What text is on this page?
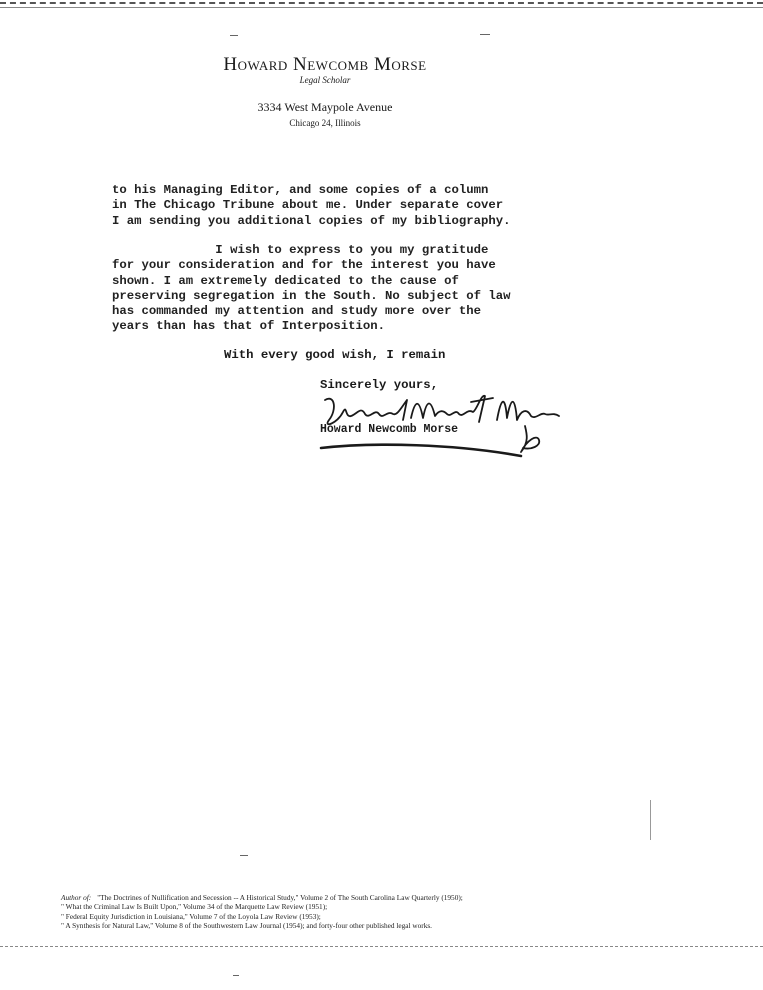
Howard Newcomb Morse
Legal Scholar
3334 West Maypole Avenue
Chicago 24, Illinois
to his Managing Editor, and some copies of a column
in The Chicago Tribune about me. Under separate cover
I am sending you additional copies of my bibliography.
I wish to express to you my gratitude
for your consideration and for the interest you have
shown. I am extremely dedicated to the cause of
preserving segregation in the South. No subject of law
has commanded my attention and study more over the
years than has that of Interposition.
With every good wish, I remain
Sincerely yours,
Howard Newcomb Morse
Author of: "The Doctrines of Nullification and Secession -- A Historical Study," Volume 2 of The South Carolina Law Quarterly (1950);
" What the Criminal Law Is Built Upon," Volume 34 of the Marquette Law Review (1951);
" Federal Equity Jurisdiction in Louisiana," Volume 7 of the Loyola Law Review (1953);
" A Synthesis for Natural Law," Volume 8 of the Southwestern Law Journal (1954); and forty-four other published legal works.
